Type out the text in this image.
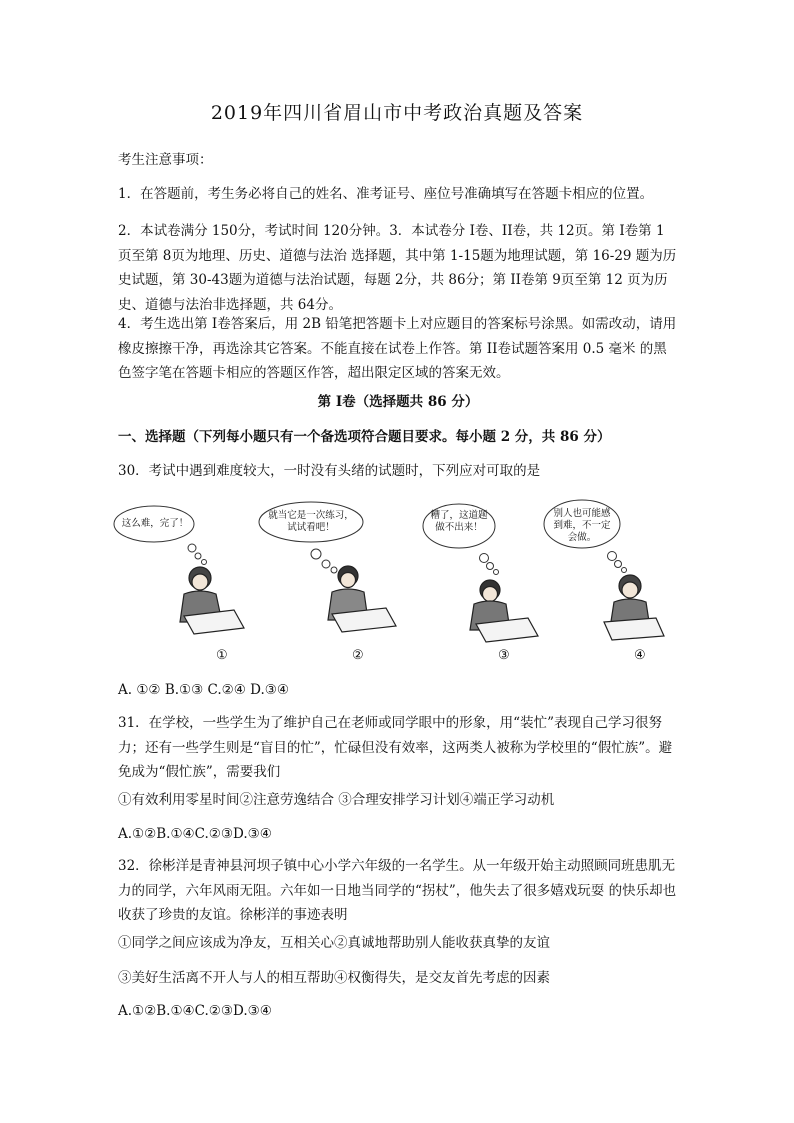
2019年四川省眉山市中考政治真题及答案
考生注意事项：
1．在答题前，考生务必将自己的姓名、准考证号、座位号准确填写在答题卡相应的位置。
2．本试卷满分 150分，考试时间 120分钟。3．本试卷分 I卷、II卷，共 12页。第 I卷第 1页至第 8页为地理、历史、道德与法治 选择题，其中第 1-15题为地理试题，第 16-29 题为历史试题，第 30-43题为道德与法治试题，每题 2分，共 86分；第 II卷第 9页至第 12 页为历史、道德与法治非选择题，共 64分。
4．考生选出第 I卷答案后，用 2B 铅笔把答题卡上对应题目的答案标号涂黑。如需改动，请用橡皮擦擦干净，再选涂其它答案。不能直接在试卷上作答。第 II卷试题答案用 0.5 毫米 的黑色签字笔在答题卡相应的答题区作答，超出限定区域的答案无效。
第 I卷（选择题共 86 分）
一、选择题（下列每小题只有一个备选项符合题目要求。每小题 2 分，共 86 分）
30．考试中遇到难度较大，一时没有头绪的试题时，下列应对可取的是
这么难，完了！
就当它是一次练习，试试看吧！
糟了，这道题做不出来！
别人也可能感到难，不一定会做。
①	②	③	④
A. ①② B.①③ C.②④ D.③④
31．在学校，一些学生为了维护自己在老师或同学眼中的形象，用“装忙”表现自己学习很努力；还有一些学生则是“盲目的忙”，忙碌但没有效率，这两类人被称为学校里的“假忙族”。避免成为“假忙族”，需要我们
①有效利用零星时间②注意劳逸结合 ③合理安排学习计划④端正学习动机
A.①②B.①④C.②③D.③④
32．徐彬洋是青神县河坝子镇中心小学六年级的一名学生。从一年级开始主动照顾同班患肌无力的同学，六年风雨无阻。六年如一日地当同学的“拐杖”，他失去了很多嬉戏玩耍 的快乐却也收获了珍贵的友谊。徐彬洋的事迹表明
①同学之间应该成为净友，互相关心②真诚地帮助别人能收获真挚的友谊
③美好生活离不开人与人的相互帮助④权衡得失，是交友首先考虑的因素
A.①②B.①④C.②③D.③④
